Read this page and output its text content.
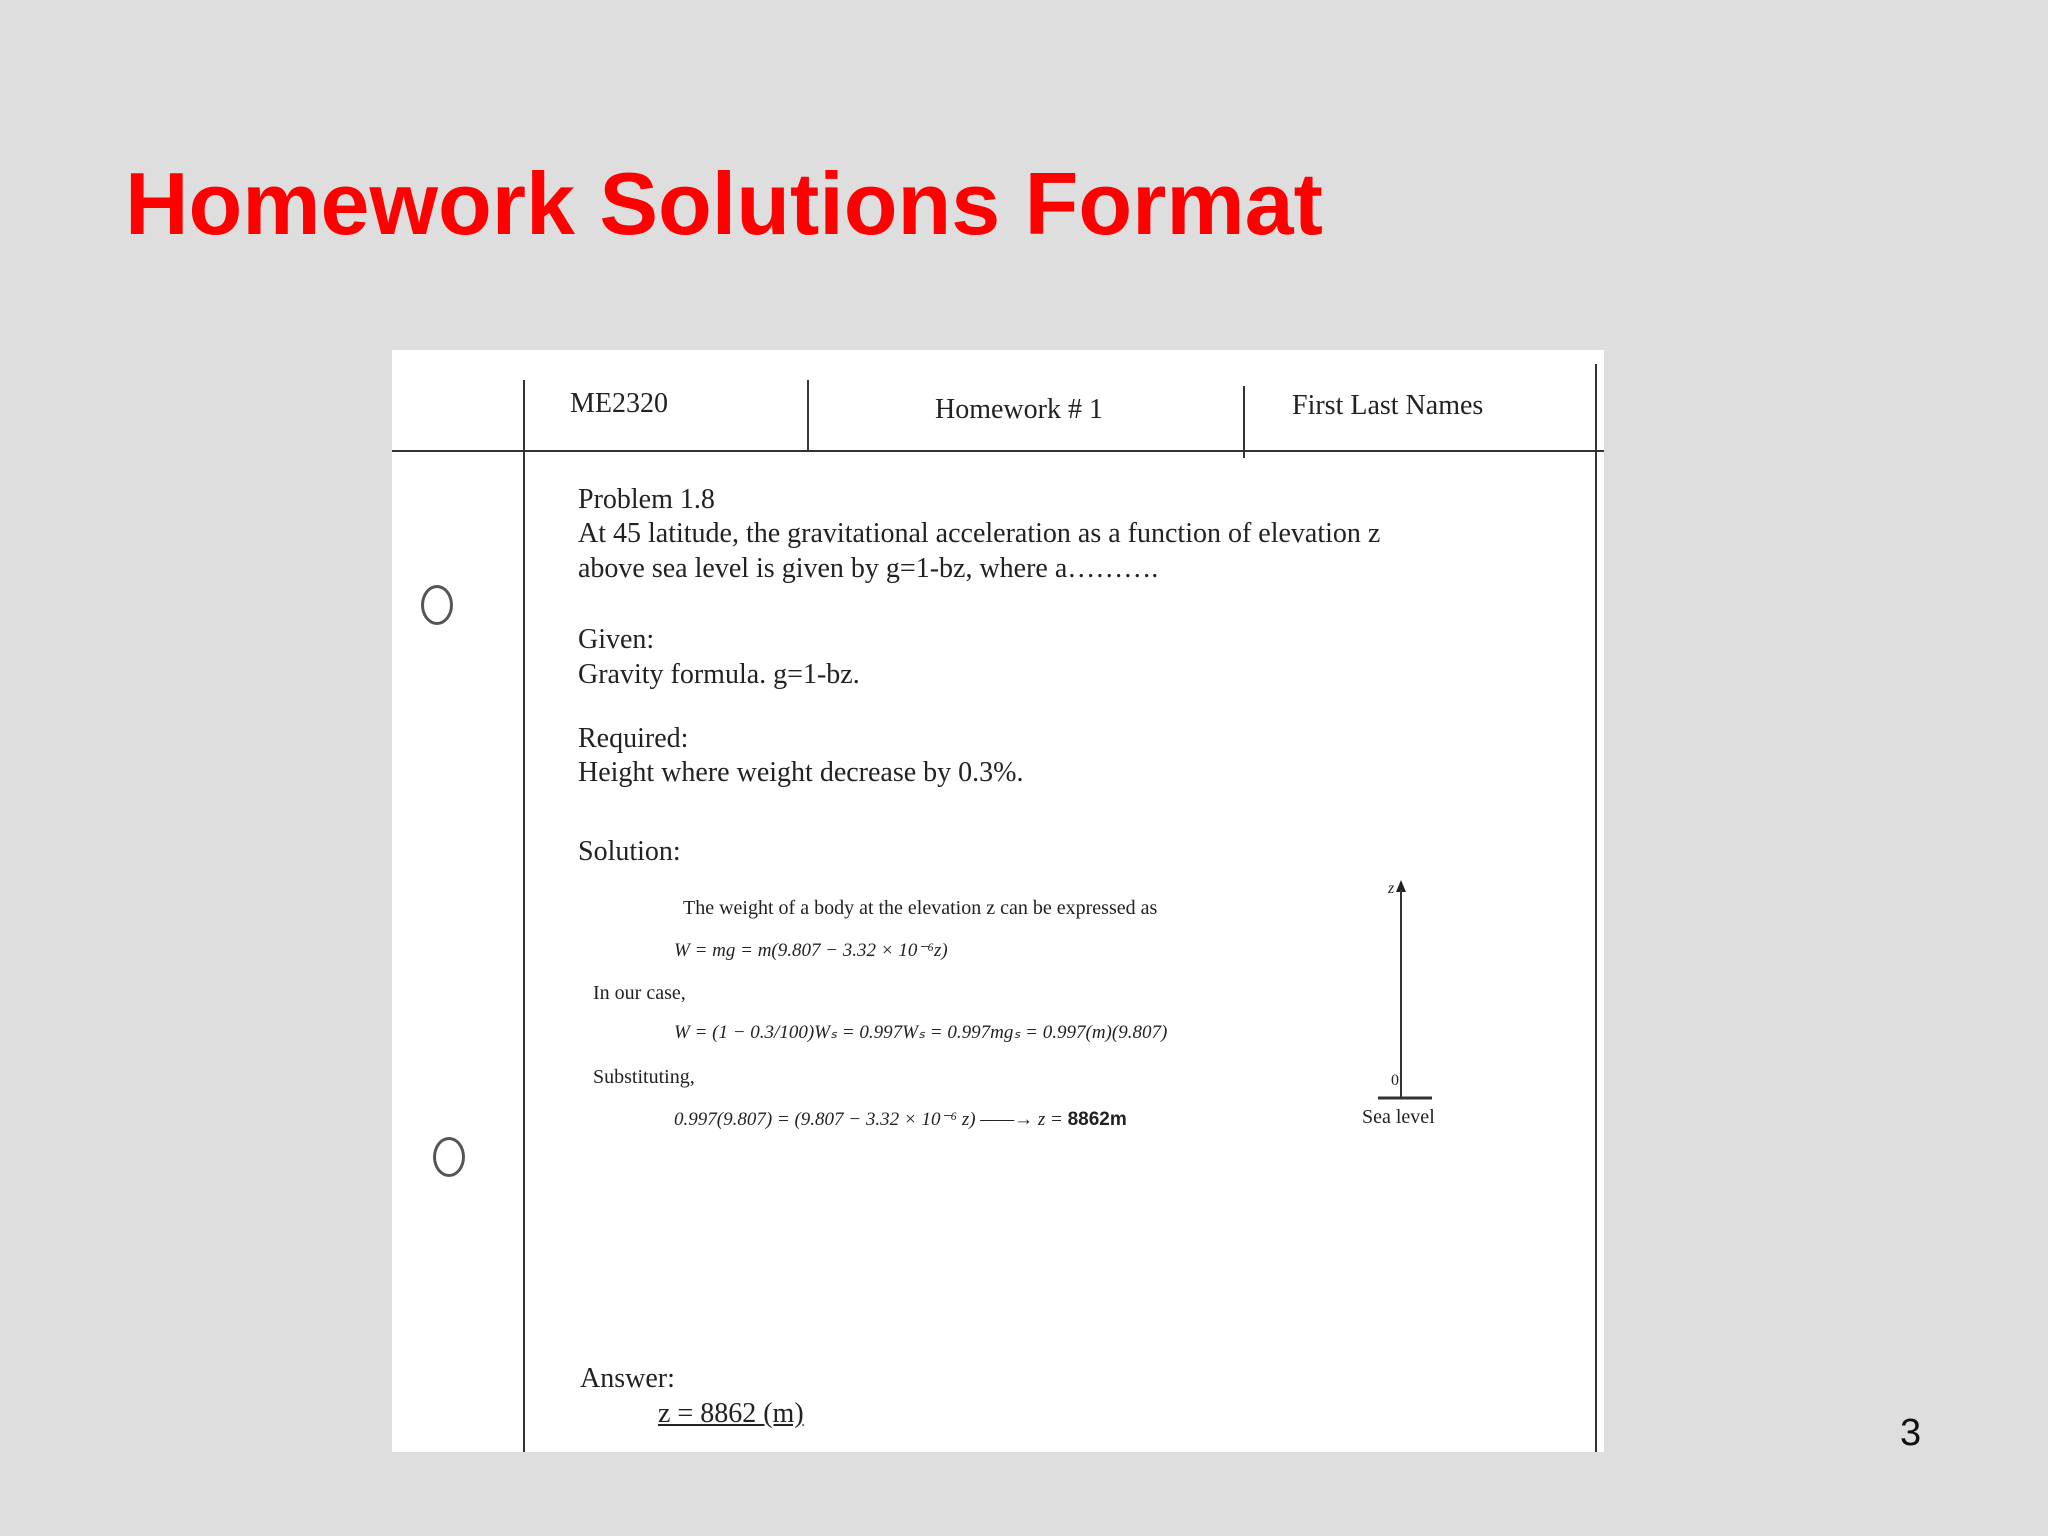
Homework Solutions Format
ME2320	Homework # 1	First Last Names
Problem 1.8
At 45 latitude, the gravitational acceleration as a function of elevation z
above sea level is given by g=1-bz, where a……….
Given:
Gravity formula. g=1-bz.
Required:
Height where weight decrease by 0.3%.
Solution:
The weight of a body at the elevation z can be expressed as
W = mg = m(9.807 − 3.32 × 10⁻⁶z)
In our case,
W = (1 − 0.3/100)Wₛ = 0.997Wₛ = 0.997mgₛ = 0.997(m)(9.807)
Substituting,
0.997(9.807) = (9.807 − 3.32 × 10⁻⁶ z) ——→ z = 8862m
z
0
Sea level
Answer:
z = 8862 (m)	3
